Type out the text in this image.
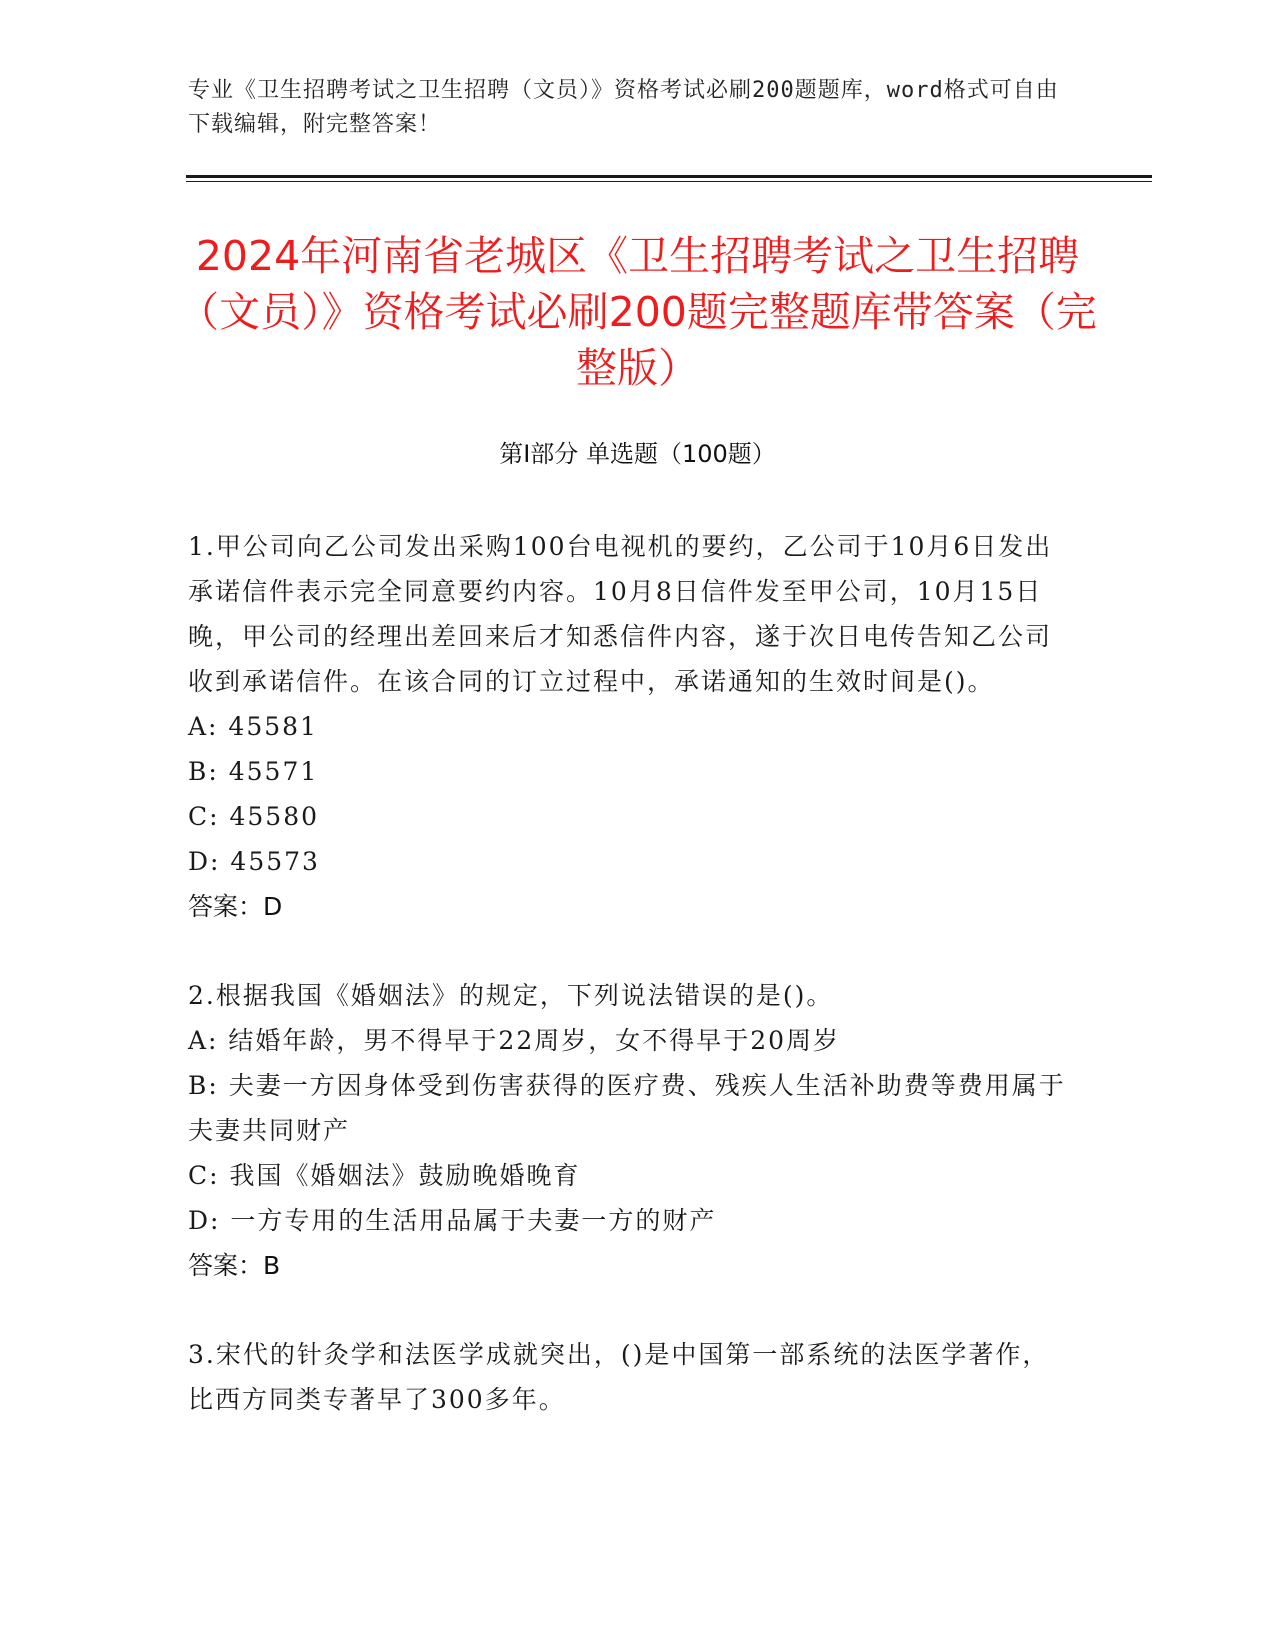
专业《卫生招聘考试之卫生招聘（文员）》资格考试必刷200题题库，word格式可自由下载编辑，附完整答案！
2024年河南省老城区《卫生招聘考试之卫生招聘（文员）》资格考试必刷200题完整题库带答案（完整版）
第Ⅰ部分 单选题（100题）

1.甲公司向乙公司发出采购100台电视机的要约，乙公司于10月6日发出承诺信件表示完全同意要约内容。10月8日信件发至甲公司，10月15日晚，甲公司的经理出差回来后才知悉信件内容，遂于次日电传告知乙公司收到承诺信件。在该合同的订立过程中，承诺通知的生效时间是()。

A: 45581

B: 45571

C: 45580

D: 45573

答案：D

2.根据我国《婚姻法》的规定，下列说法错误的是()。

A: 结婚年龄，男不得早于22周岁，女不得早于20周岁

B: 夫妻一方因身体受到伤害获得的医疗费、残疾人生活补助费等费用属于夫妻共同财产

C: 我国《婚姻法》鼓励晚婚晚育

D: 一方专用的生活用品属于夫妻一方的财产

答案：B

3.宋代的针灸学和法医学成就突出，()是中国第一部系统的法医学著作，比西方同类专著早了300多年。
